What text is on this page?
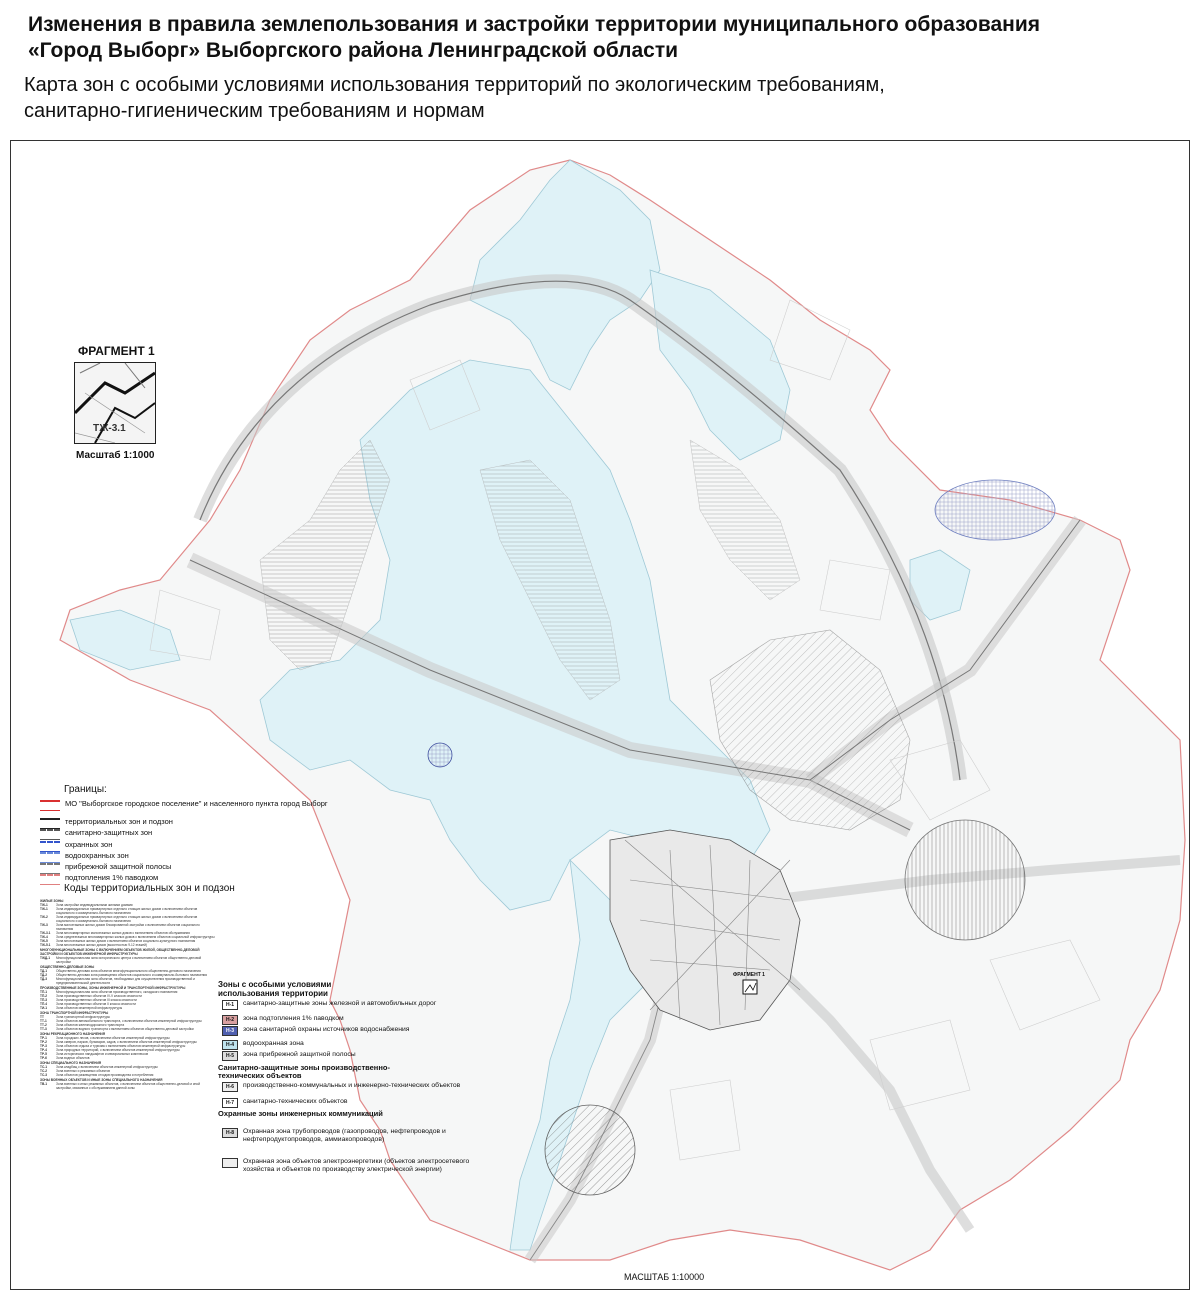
Изменения в правила землепользования и застройки территории муниципального образования
«Город Выборг» Выборгского района Ленинградской области
Карта зон с особыми условиями использования территорий по экологическим требованиям,
санитарно-гигиеническим требованиям и нормам
ФРАГМЕНТ 1
ТЖ-3.1
Масштаб 1:1000
Границы:
МО "Выборгское городское поселение" и населенного пункта город Выборг
территориальных зон и подзон
санитарно-защитных зон
охранных зон
водоохранных зон
прибрежной защитной полосы
подтопления 1% паводком
Коды территориальных зон и подзон
ЖИЛЫЕ ЗОНЫ
ТЖ-1	Зона застройки индивидуальными жилыми домами
ТЖ-1	Зона индивидуальных приквартирных отдельно стоящих жилых домов с включением объектов социального и коммунально-бытового назначения
ТЖ-2	Зона индивидуальных приквартирных отдельно стоящих жилых домов с включением объектов социального и коммунально-бытового назначения
ТЖ-3	Зона малоэтажных жилых домов блокированной застройки с включением объектов социального назначения
ТЖ-3.1	Зона многоквартирных малоэтажных жилых домов с включением объектов обслуживания
ТЖ-4	Зона среднеэтажных многоквартирных жилых домов с включением объектов социальной инфраструктуры
ТЖ-5	Зона многоэтажных жилых домов с включением объектов социально-культурного назначения
ТЖ-5.1	Зона многоэтажных жилых домов (высотностью 9-12 этажей)
МНОГОФУНКЦИОНАЛЬНЫЕ ЗОНЫ С ВКЛЮЧЕНИЕМ ОБЪЕКТОВ ЖИЛОЙ, ОБЩЕСТВЕННО-ДЕЛОВОЙ ЗАСТРОЙКИ И ОБЪЕКТОВ ИНЖЕНЕРНОЙ ИНФРАСТРУКТУРЫ
ТЖД-1	Многофункциональная зона исторического центра с включением объектов общественно-деловой застройки
ОБЩЕСТВЕННО-ДЕЛОВЫЕ ЗОНЫ
ТД-1	Общественно-деловая зона объектов многофункционального общественно-делового назначения
ТД-2	Общественно-деловая зона размещения объектов социального и коммунально-бытового назначения
ТД-3	Многофункциональная зона объектов, необходимых для осуществления производственной и предпринимательской деятельности
ПРОИЗВОДСТВЕННЫЕ ЗОНЫ, ЗОНЫ ИНЖЕНЕРНОЙ И ТРАНСПОРТНОЙ ИНФРАСТРУКТУРЫ
ТП-1	Многофункциональная зона объектов производственного, складского назначения
ТП-2	Зона производственных объектов IV-V классов опасности
ТП-3	Зона производственных объектов III класса опасности
ТП-4	Зона производственных объектов II класса опасности
ТИ-1	Зона объектов инженерной инфраструктуры
ЗОНА ТРАНСПОРТНОЙ ИНФРАСТРУКТУРЫ
ТТ	Зона транспортной инфраструктуры
ТТ-1	Зона объектов автомобильного транспорта, с включением объектов инженерной инфраструктуры
ТТ-2	Зона объектов железнодорожного транспорта
ТТ-3	Зона объектов водного транспорта с включением объектов общественно-деловой застройки
ЗОНЫ РЕКРЕАЦИОННОГО НАЗНАЧЕНИЯ
ТР-1	Зона городских лесов, с включением объектов инженерной инфраструктуры
ТР-2	Зона скверов, парков, бульваров, садов, с включением объектов инженерной инфраструктуры
ТР-3	Зона объектов отдыха и туризма с включением объектов инженерной инфраструктуры
ТР-4	Зона природных территорий, с включением объектов инженерной инфраструктуры
ТР-5	Зона исторических ландшафтов и мемориальных комплексов
ТР-6	Зона водных объектов
ЗОНЫ СПЕЦИАЛЬНОГО НАЗНАЧЕНИЯ
ТС-1	Зона кладбищ с включением объектов инженерной инфраструктуры
ТС-2	Зона военных и режимных объектов
ТС-3	Зона объектов размещения отходов производства и потребления
ЗОНЫ ВОЕННЫХ ОБЪЕКТОВ И ИНЫЕ ЗОНЫ СПЕЦИАЛЬНОГО НАЗНАЧЕНИЯ
ТВ-1	Зона военных и иных режимных объектов, с включением объектов общественно-деловой и иной застройки, связанных с обслуживанием данной зоны
Зоны с особыми условиями использования территории
Н-1	санитарно-защитные зоны железной и автомобильных дорог
Н-2	зона подтопления 1% паводком
Н-3	зона санитарной охраны источников водоснабжения
Н-4	водоохранная зона
Н-5	зона прибрежной защитной полосы
Санитарно-защитные зоны производственно-технических объектов
Н-6	производственно-коммунальных и инженерно-технических объектов
Н-7	санитарно-технических объектов
Охранные зоны инженерных коммуникаций
Н-8	Охранная зона трубопроводов (газопроводов, нефтепроводов и нефтепродуктопроводов, аммиакопроводов)
Охранная зона объектов электроэнергетики (объектов электросетевого хозяйства и объектов по производству электрической энергии)
ФРАГМЕНТ 1
МАСШТАБ 1:10000
